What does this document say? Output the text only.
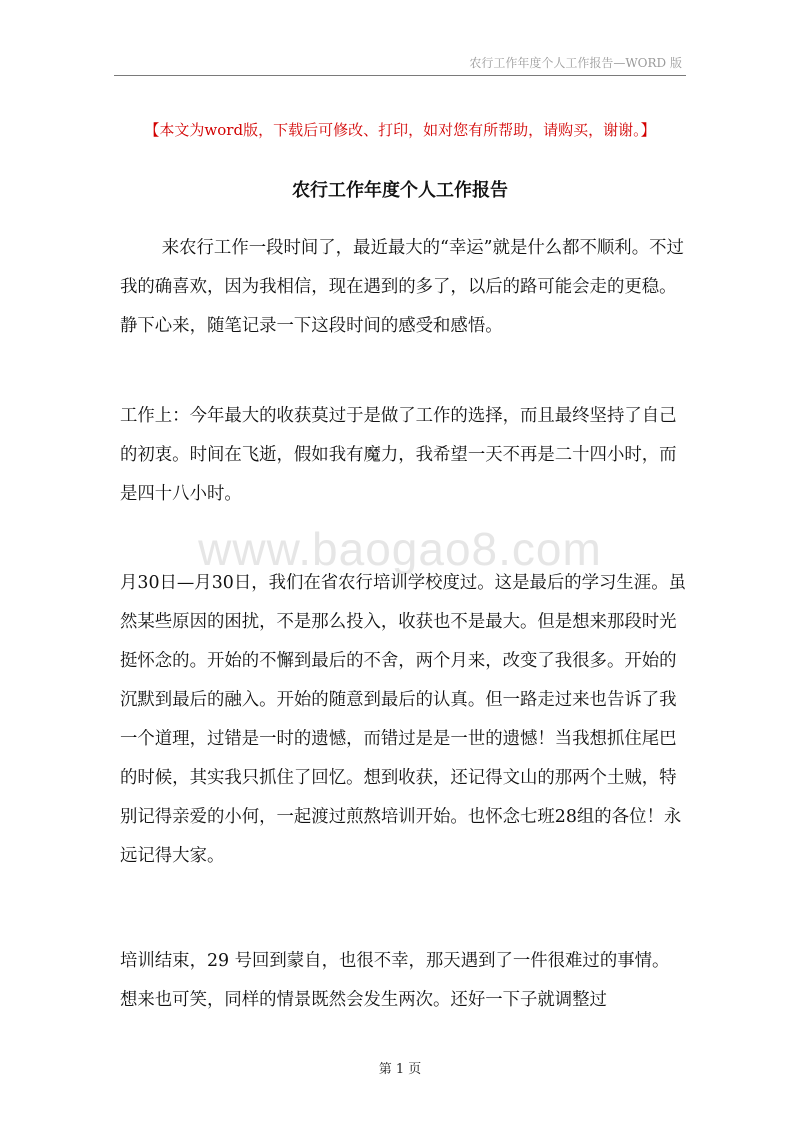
农行工作年度个人工作报告—WORD 版
【本文为word版，下载后可修改、打印，如对您有所帮助，请购买，谢谢。】
农行工作年度个人工作报告

来农行工作一段时间了，最近最大的“幸运”就是什么都不顺利。不过我的确喜欢，因为我相信，现在遇到的多了，以后的路可能会走的更稳。静下心来，随笔记录一下这段时间的感受和感悟。

工作上：今年最大的收获莫过于是做了工作的选择，而且最终坚持了自己的初衷。时间在飞逝，假如我有魔力，我希望一天不再是二十四小时，而是四十八小时。

www.baogao8.com

月30日—月30日，我们在省农行培训学校度过。这是最后的学习生涯。虽然某些原因的困扰，不是那么投入，收获也不是最大。但是想来那段时光挺怀念的。开始的不懈到最后的不舍，两个月来，改变了我很多。开始的沉默到最后的融入。开始的随意到最后的认真。但一路走过来也告诉了我一个道理，过错是一时的遗憾，而错过是是一世的遗憾！当我想抓住尾巴的时候，其实我只抓住了回忆。想到收获，还记得文山的那两个土贼，特别记得亲爱的小何，一起渡过煎熬培训开始。也怀念七班28组的各位！永远记得大家。

培训结束，29 号回到蒙自，也很不幸，那天遇到了一件很难过的事情。想来也可笑，同样的情景既然会发生两次。还好一下子就调整过

第 1 页
